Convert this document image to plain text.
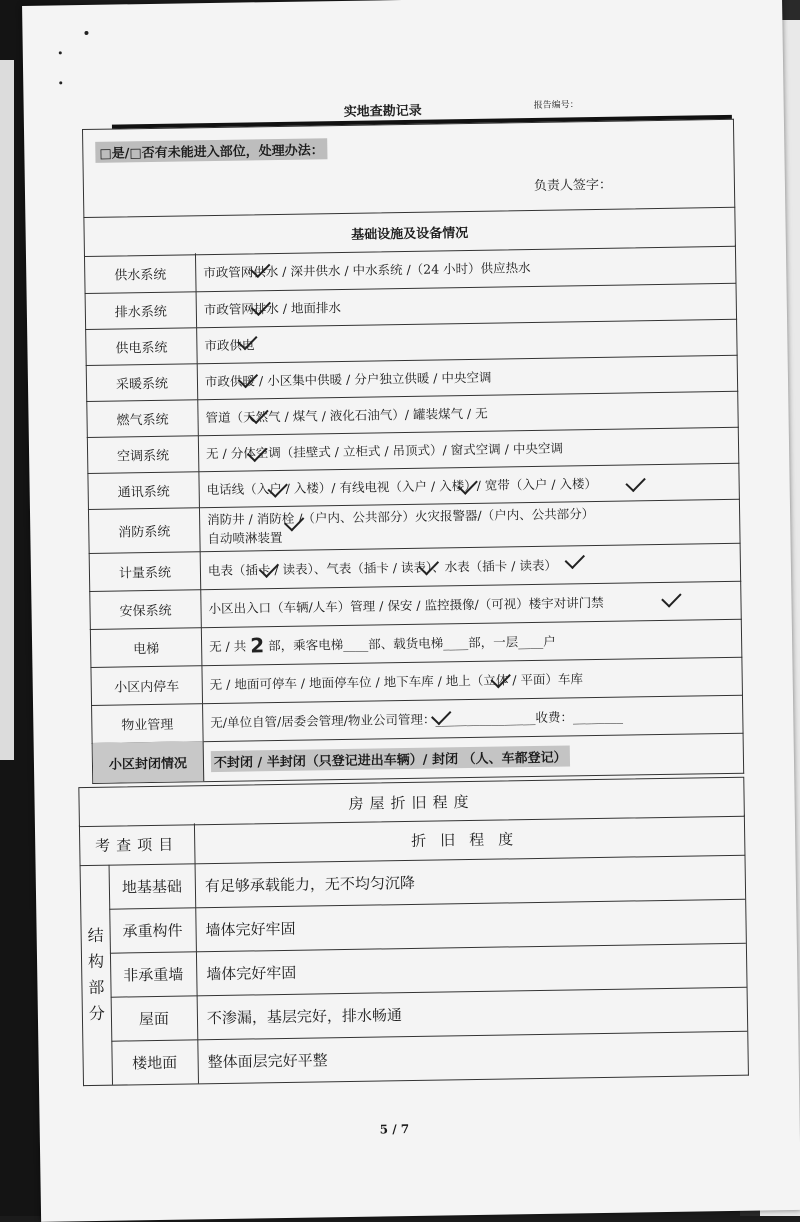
实地查勘记录	报告编号：
□是/□否有未能进入部位，处理办法：
负责人签字：
基础设施及设备情况
供水系统	市政管网供水 / 深井供水 / 中水系统 /（24 小时）供应热水
排水系统	市政管网排水 / 地面排水
供电系统	市政供电
采暖系统	市政供暖 / 小区集中供暖 / 分户独立供暖 / 中央空调
燃气系统	管道（天然气 / 煤气 / 液化石油气）/ 罐装煤气 / 无
空调系统	无 / 分体空调（挂壁式 / 立柜式 / 吊顶式）/ 窗式空调 / 中央空调
通讯系统	电话线（入户 / 入楼）/ 有线电视（入户 / 入楼）/ 宽带（入户 / 入楼）
消防系统
消防井 / 消防栓 /（户内、公共部分）火灾报警器/（户内、公共部分）
自动喷淋装置
计量系统	电表（插卡 / 读表）、气表（插卡 / 读表）、水表（插卡 / 读表）
安保系统	小区出入口（车辆/人车）管理 / 保安 / 监控摄像/（可视）楼宇对讲门禁
电梯	无 / 共 2 部，乘客电梯____部、载货电梯____部，一层____户
小区内停车	无 / 地面可停车 / 地面停车位 / 地下车库 / 地上（立体 / 平面）车库
物业管理	无/单位自管/居委会管理/物业公司管理：________________收费：________
小区封闭情况	不封闭 / 半封闭（只登记进出车辆）/ 封闭 （人、车都登记）
房屋折旧程度
考查项目	折旧程度
结
构
部
分
地基基础	有足够承载能力，无不均匀沉降
承重构件	墙体完好牢固
非承重墙	墙体完好牢固
屋面	不渗漏，基层完好，排水畅通
楼地面	整体面层完好平整
5 / 7
